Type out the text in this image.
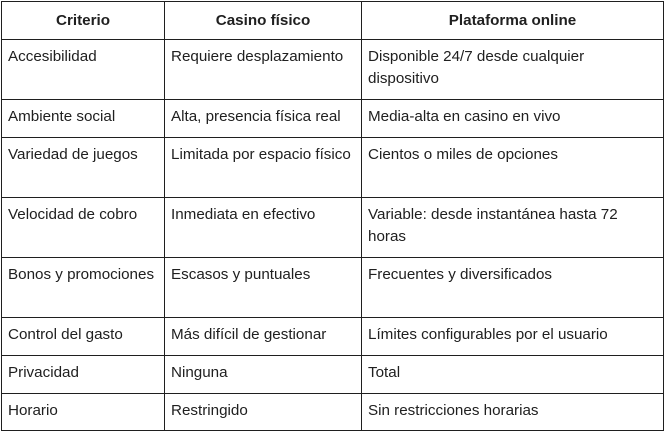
Criterio	Casino físico	Plataforma online
Accesibilidad	Requiere desplazamiento	Disponible 24/7 desde cualquier dispositivo
Ambiente social	Alta, presencia física real	Media-alta en casino en vivo
Variedad de juegos	Limitada por espacio físico	Cientos o miles de opciones
Velocidad de cobro	Inmediata en efectivo	Variable: desde instantánea hasta 72 horas
Bonos y promociones	Escasos y puntuales	Frecuentes y diversificados
Control del gasto	Más difícil de gestionar	Límites configurables por el usuario
Privacidad	Ninguna	Total
Horario	Restringido	Sin restricciones horarias
